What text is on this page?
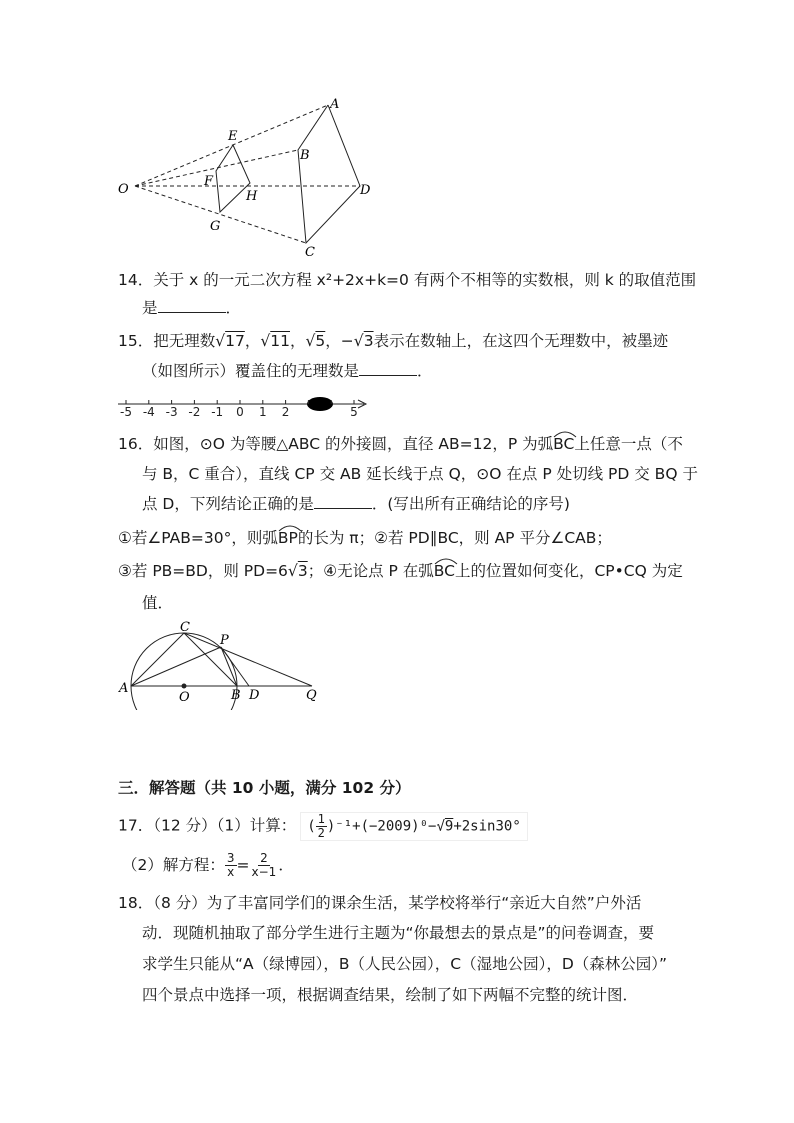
A
B
C
D
E
F
G
H
O
14．关于 x 的一元二次方程 x²+2x+k=0 有两个不相等的实数根，则 k 的取值范围
是	．
15．把无理数√17，√11，√5，−√3表示在数轴上，在这四个无理数中，被墨迹
（如图所示）覆盖住的无理数是	．
-5 -4 -3 -2 -1 0 1 2
3 4
5
16．如图，⊙O 为等腰△ABC 的外接圆，直径 AB=12，P 为弧
BC上任意一点（不
与 B，C 重合），直线 CP 交 AB 延长线于点 Q，⊙O 在点 P 处切线 PD 交 BQ 于
点 D，下列结论正确的是	．(写出所有正确结论的序号)
①若∠PAB=30°，则弧
BP的长为 π；②若 PD∥BC，则 AP 平分∠CAB；
③若 PB=BD，则 PD=6√3；④无论点 P 在弧
BC上的位置如何变化，CP•CQ 为定
值．
A
C
P
O	B D	Q
三．解答题（共 10 小题，满分 102 分）
17．（12 分）（1）计算： ( $\frac{1}{2} )^{-1}+(-2009)^0-√9+2\sin 30^\circ$
（2）解方程： $\frac{3}{x} = \frac{2}{x-1}$ ．
18．（8 分）为了丰富同学们的课余生活，某学校将举行“亲近大自然”户外活
动．现随机抽取了部分学生进行主题为“你最想去的景点是”的问卷调查，要
求学生只能从“A（绿博园），B（人民公园），C（湿地公园），D（森林公园）”
四个景点中选择一项，根据调查结果，绘制了如下两幅不完整的统计图．
